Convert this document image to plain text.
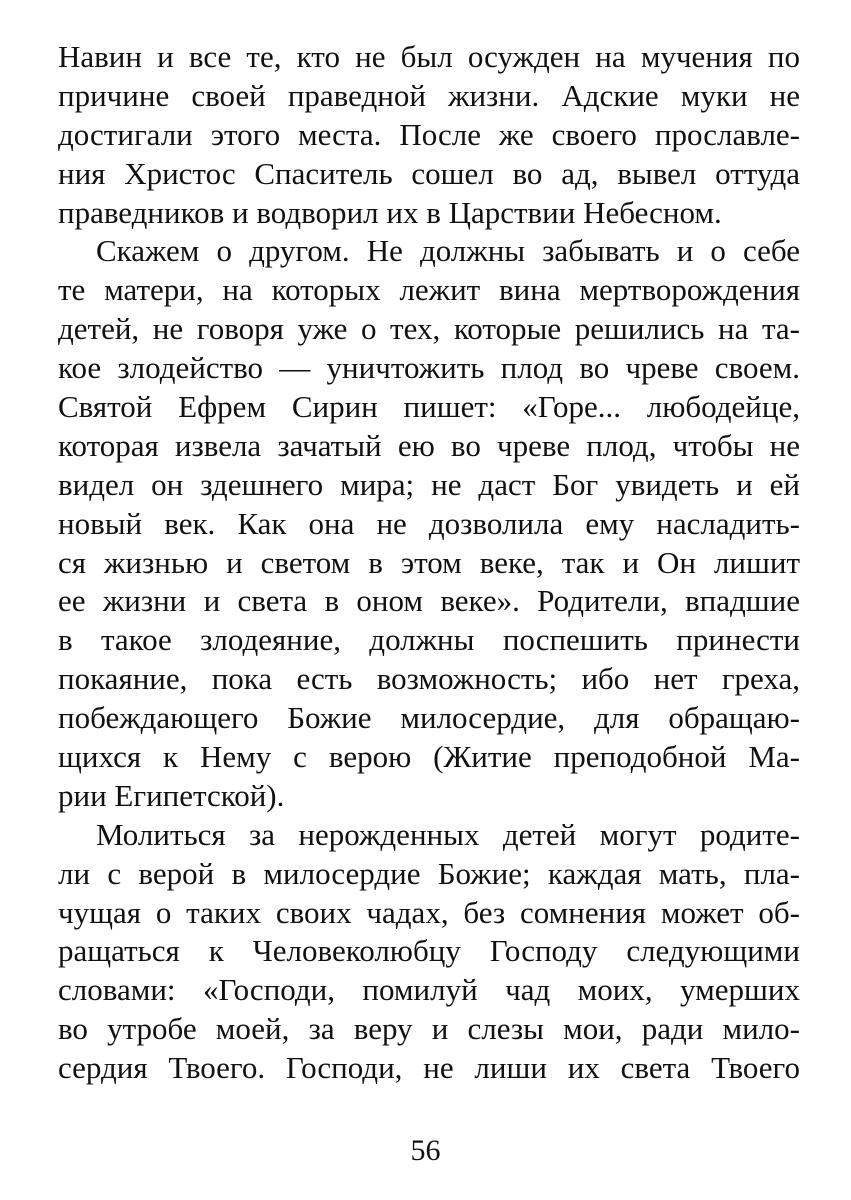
Навин и все те, кто не был осужден на мучения по
причине своей праведной жизни. Адские муки не
достигали этого места. После же своего прославле-
ния Христос Спаситель сошел во ад, вывел оттуда
праведников и водворил их в Царствии Небесном.
Скажем о другом. Не должны забывать и о себе
те матери, на которых лежит вина мертворождения
детей, не говоря уже о тех, которые решились на та-
кое злодейство — уничтожить плод во чреве своем.
Святой Ефрем Сирин пишет: «Горе... любодейце,
которая извела зачатый ею во чреве плод, чтобы не
видел он здешнего мира; не даст Бог увидеть и ей
новый век. Как она не дозволила ему насладить-
ся жизнью и светом в этом веке, так и Он лишит
ее жизни и света в оном веке». Родители, впадшие
в такое злодеяние, должны поспешить принести
покаяние, пока есть возможность; ибо нет греха,
побеждающего Божие милосердие, для обращаю-
щихся к Нему с верою (Житие преподобной Ма-
рии Египетской).
Молиться за нерожденных детей могут родите-
ли с верой в милосердие Божие; каждая мать, пла-
чущая о таких своих чадах, без сомнения может об-
ращаться к Человеколюбцу Господу следующими
словами: «Господи, помилуй чад моих, умерших
во утробе моей, за веру и слезы мои, ради мило-
сердия Твоего. Господи, не лиши их света Твоего
56
